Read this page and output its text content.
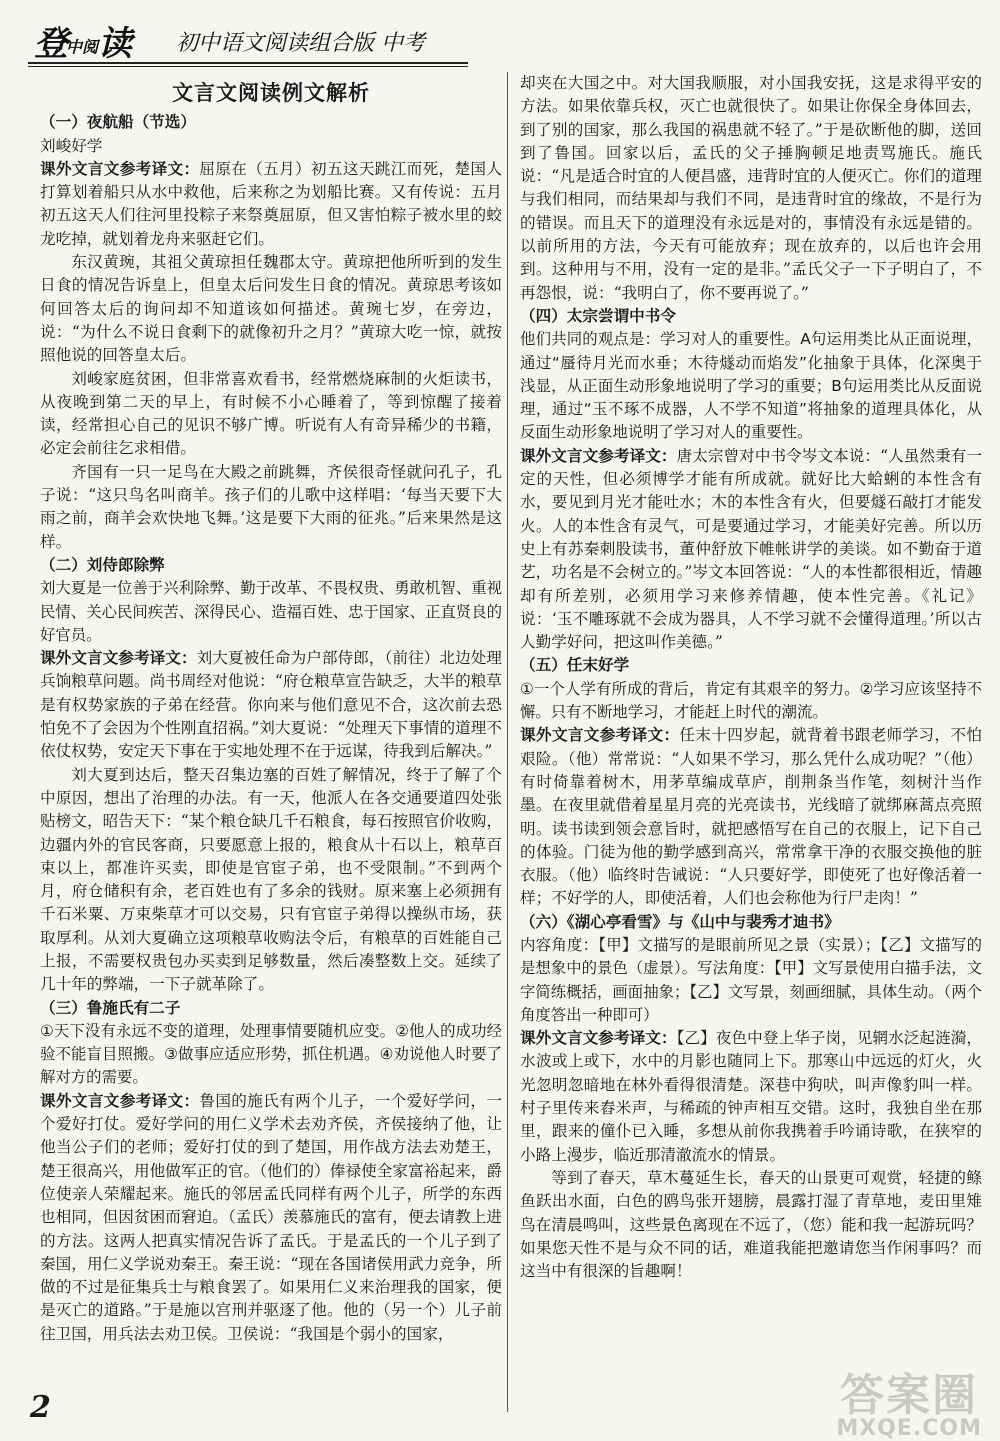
登中阅读 初中语文阅读组合版 中考
文言文阅读例文解析
（一）夜航船（节选）

刘峻好学

课外文言文参考译文：屈原在（五月）初五这天跳江而死，楚国人打算划着船只从水中救他，后来称之为划船比赛。又有传说：五月初五这天人们往河里投粽子来祭奠屈原，但又害怕粽子被水里的蛟龙吃掉，就划着龙舟来驱赶它们。

东汉黄琬，其祖父黄琼担任魏郡太守。黄琼把他所听到的发生日食的情况告诉皇上，但皇太后问发生日食的情况。黄琼思考该如何回答太后的询问却不知道该如何描述。黄琬七岁，在旁边，说：“为什么不说日食剩下的就像初升之月？”黄琼大吃一惊，就按照他说的回答皇太后。

刘峻家庭贫困，但非常喜欢看书，经常燃烧麻制的火炬读书，从夜晚到第二天的早上，有时候不小心睡着了，等到惊醒了接着读，经常担心自己的见识不够广博。听说有人有奇异稀少的书籍，必定会前往乞求相借。

齐国有一只一足鸟在大殿之前跳舞，齐侯很奇怪就问孔子，孔子说：“这只鸟名叫商羊。孩子们的儿歌中这样唱：‘每当天要下大雨之前，商羊会欢快地飞舞。’这是要下大雨的征兆。”后来果然是这样。

（二）刘侍郎除弊

刘大夏是一位善于兴利除弊、勤于改革、不畏权贵、勇敢机智、重视民情、关心民间疾苦、深得民心、造福百姓、忠于国家、正直贤良的好官员。

课外文言文参考译文：刘大夏被任命为户部侍郎，（前往）北边处理兵饷粮草问题。尚书周经对他说：“府仓粮草宣告缺乏，大半的粮草是有权势家族的子弟在经营。你向来与他们意见不合，这次前去恐怕免不了会因为个性刚直招祸。”刘大夏说：“处理天下事情的道理不依仗权势，安定天下事在于实地处理不在于远谋，待我到后解决。”

刘大夏到达后，整天召集边塞的百姓了解情况，终于了解了个中原因，想出了治理的办法。有一天，他派人在各交通要道四处张贴榜文，昭告天下：“某个粮仓缺几千石粮食，每石按照官价收购，边疆内外的官民客商，只要愿意上报的，粮食从十石以上，粮草百束以上，都准许买卖，即使是官宦子弟，也不受限制。”不到两个月，府仓储积有余，老百姓也有了多余的钱财。原来塞上必须拥有千石米粟、万束柴草才可以交易，只有官宦子弟得以操纵市场，获取厚利。从刘大夏确立这项粮草收购法令后，有粮草的百姓能自己上报，不需要权贵包办买卖到足够数量，然后凑整数上交。延续了几十年的弊端，一下子就革除了。

（三）鲁施氏有二子

①天下没有永远不变的道理，处理事情要随机应变。②他人的成功经验不能盲目照搬。③做事应适应形势，抓住机遇。④劝说他人时要了解对方的需要。

课外文言文参考译文：鲁国的施氏有两个儿子，一个爱好学问，一个爱好打仗。爱好学问的用仁义学术去劝齐侯，齐侯接纳了他，让他当公子们的老师；爱好打仗的到了楚国，用作战方法去劝楚王，楚王很高兴，用他做军正的官。（他们的）俸禄使全家富裕起来，爵位使亲人荣耀起来。施氏的邻居孟氏同样有两个儿子，所学的东西也相同，但因贫困而窘迫。（孟氏）羡慕施氏的富有，便去请教上进的方法。这两人把真实情况告诉了孟氏。于是孟氏的一个儿子到了秦国，用仁义学说劝秦王。秦王说：“现在各国诸侯用武力竞争，所做的不过是征集兵士与粮食罢了。如果用仁义来治理我的国家，便是灭亡的道路。”于是施以宫刑并驱逐了他。他的（另一个）儿子前往卫国，用兵法去劝卫侯。卫侯说：“我国是个弱小的国家，

却夹在大国之中。对大国我顺服，对小国我安抚，这是求得平安的方法。如果依靠兵权，灭亡也就很快了。如果让你保全身体回去，到了别的国家，那么我国的祸患就不轻了。”于是砍断他的脚，送回到了鲁国。回家以后，孟氏的父子捶胸顿足地责骂施氏。施氏说：“凡是适合时宜的人便昌盛，违背时宜的人便灭亡。你们的道理与我们相同，而结果却与我们不同，是违背时宜的缘故，不是行为的错误。而且天下的道理没有永远是对的，事情没有永远是错的。以前所用的方法，今天有可能放弃；现在放弃的，以后也许会用到。这种用与不用，没有一定的是非。”孟氏父子一下子明白了，不再怨恨，说：“我明白了，你不要再说了。”

（四）太宗尝谓中书令

他们共同的观点是：学习对人的重要性。A句运用类比从正面说理，通过“蜃待月光而水垂；木待燧动而焰发”化抽象于具体，化深奥于浅显，从正面生动形象地说明了学习的重要；B句运用类比从反面说理，通过“玉不琢不成器，人不学不知道”将抽象的道理具体化，从反面生动形象地说明了学习对人的重要性。

课外文言文参考译文：唐太宗曾对中书令岑文本说：“人虽然秉有一定的天性，但必须博学才能有所成就。就好比大蛤蜊的本性含有水，要见到月光才能吐水；木的本性含有火，但要燧石敲打才能发火。人的本性含有灵气，可是要通过学习，才能美好完善。所以历史上有苏秦刺股读书，董仲舒放下帷帐讲学的美谈。如不勤奋于道艺，功名是不会树立的。”岑文本回答说：“人的本性都很相近，情趣却有所差别，必须用学习来修养情趣，使本性完善。《礼记》说：‘玉不雕琢就不会成为器具，人不学习就不会懂得道理。’所以古人勤学好问，把这叫作美德。”

（五）任末好学

①一个人学有所成的背后，肯定有其艰辛的努力。②学习应该坚持不懈。只有不断地学习，才能赶上时代的潮流。

课外文言文参考译文：任末十四岁起，就背着书跟老师学习，不怕艰险。（他）常常说：“人如果不学习，那么凭什么成功呢？”（他）有时倚靠着树木，用茅草编成草庐，削荆条当作笔，刻树汁当作墨。在夜里就借着星星月亮的光亮读书，光线暗了就绑麻蒿点亮照明。读书读到领会意旨时，就把感悟写在自己的衣服上，记下自己的体验。门徒为他的勤学感到高兴，常常拿干净的衣服交换他的脏衣服。（他）临终时告诫说：“人只要好学，即使死了也好像活着一样；不好学的人，即使活着，人们也会称他为行尸走肉！”

（六）《湖心亭看雪》与《山中与裴秀才迪书》

内容角度：【甲】文描写的是眼前所见之景（实景）；【乙】文描写的是想象中的景色（虚景）。写法角度：【甲】文写景使用白描手法，文字简练概括，画面抽象；【乙】文写景，刻画细腻，具体生动。（两个角度答出一种即可）

课外文言文参考译文：【乙】夜色中登上华子岗，见辋水泛起涟漪，水波或上或下，水中的月影也随同上下。那寒山中远远的灯火，火光忽明忽暗地在林外看得很清楚。深巷中狗吠，叫声像豹叫一样。村子里传来舂米声，与稀疏的钟声相互交错。这时，我独自坐在那里，跟来的僮仆已入睡，多想从前你我携着手吟诵诗歌，在狭窄的小路上漫步，临近那清澈流水的情景。

等到了春天，草木蔓延生长，春天的山景更可观赏，轻捷的鲦鱼跃出水面，白色的鸥鸟张开翅膀，晨露打湿了青草地，麦田里雉鸟在清晨鸣叫，这些景色离现在不远了，（您）能和我一起游玩吗？如果您天性不是与众不同的话，难道我能把邀请您当作闲事吗？而这当中有很深的旨趣啊！

2	答案圈
MXQE.COM
